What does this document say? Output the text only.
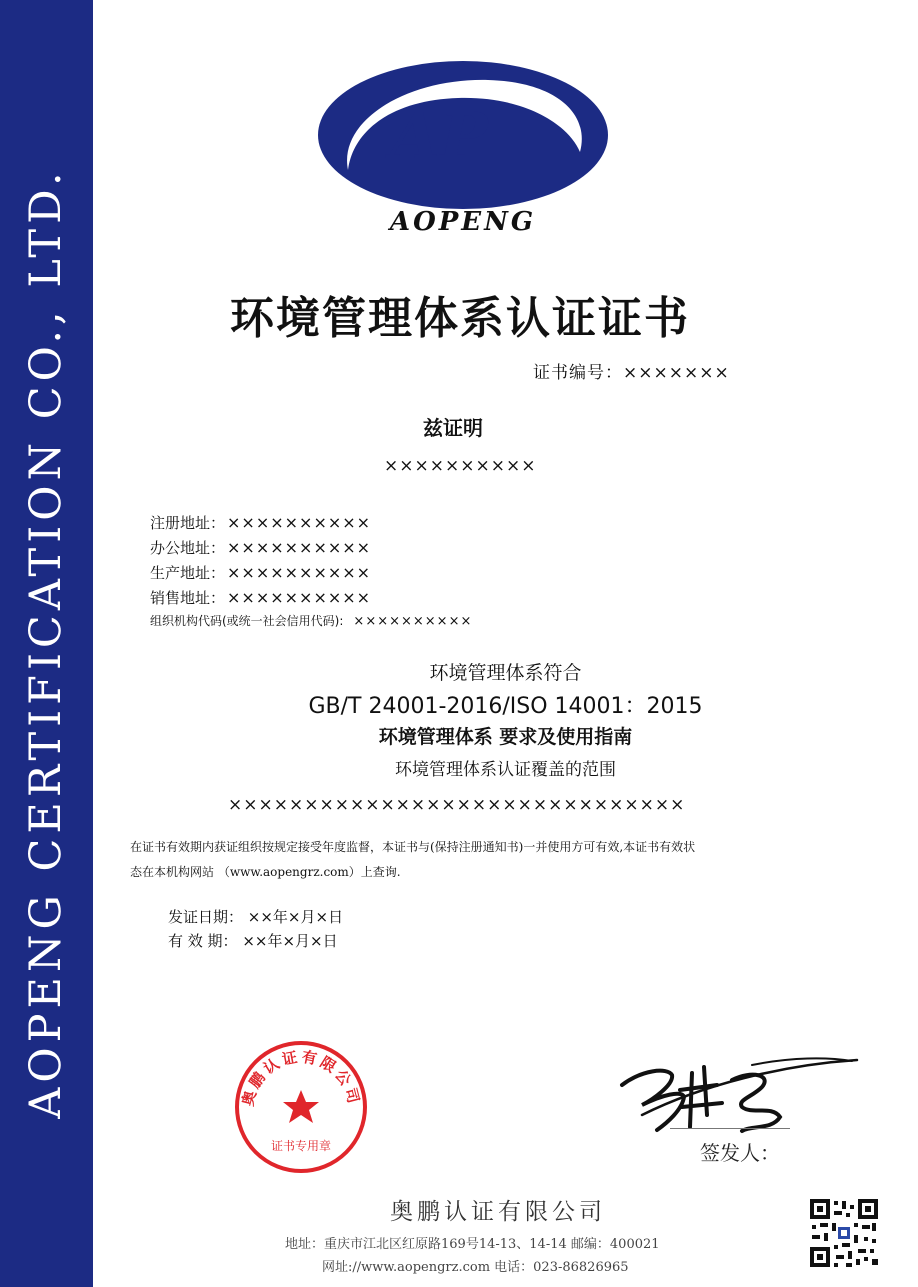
AOPENG CERTIFICATION CO., LTD.
AP
AOPENG
环境管理体系认证证书
证书编号：×××××××
兹证明
××××××××××
注册地址： ××××××××××
办公地址： ××××××××××
生产地址： ××××××××××
销售地址： ××××××××××
组织机构代码(或统一社会信用代码): ××××××××××
环境管理体系符合
GB/T 24001-2016/ISO 14001：2015
环境管理体系 要求及使用指南
环境管理体系认证覆盖的范围
××××××××××××××××××××××××××××××
在证书有效期内获证组织按规定接受年度监督，本证书与(保持注册通知书)一并使用方可有效,本证书有效状
态在本机构网站 （www.aopengrz.com）上查询.
发证日期： ××年×月×日
有 效 期： ××年×月×日
奥鹏认证有限公司
证书专用章	签发人：
奥鹏认证有限公司
地址：重庆市江北区红原路169号14-13、14-14 邮编：400021
网址://www.aopengrz.com 电话：023-86826965
